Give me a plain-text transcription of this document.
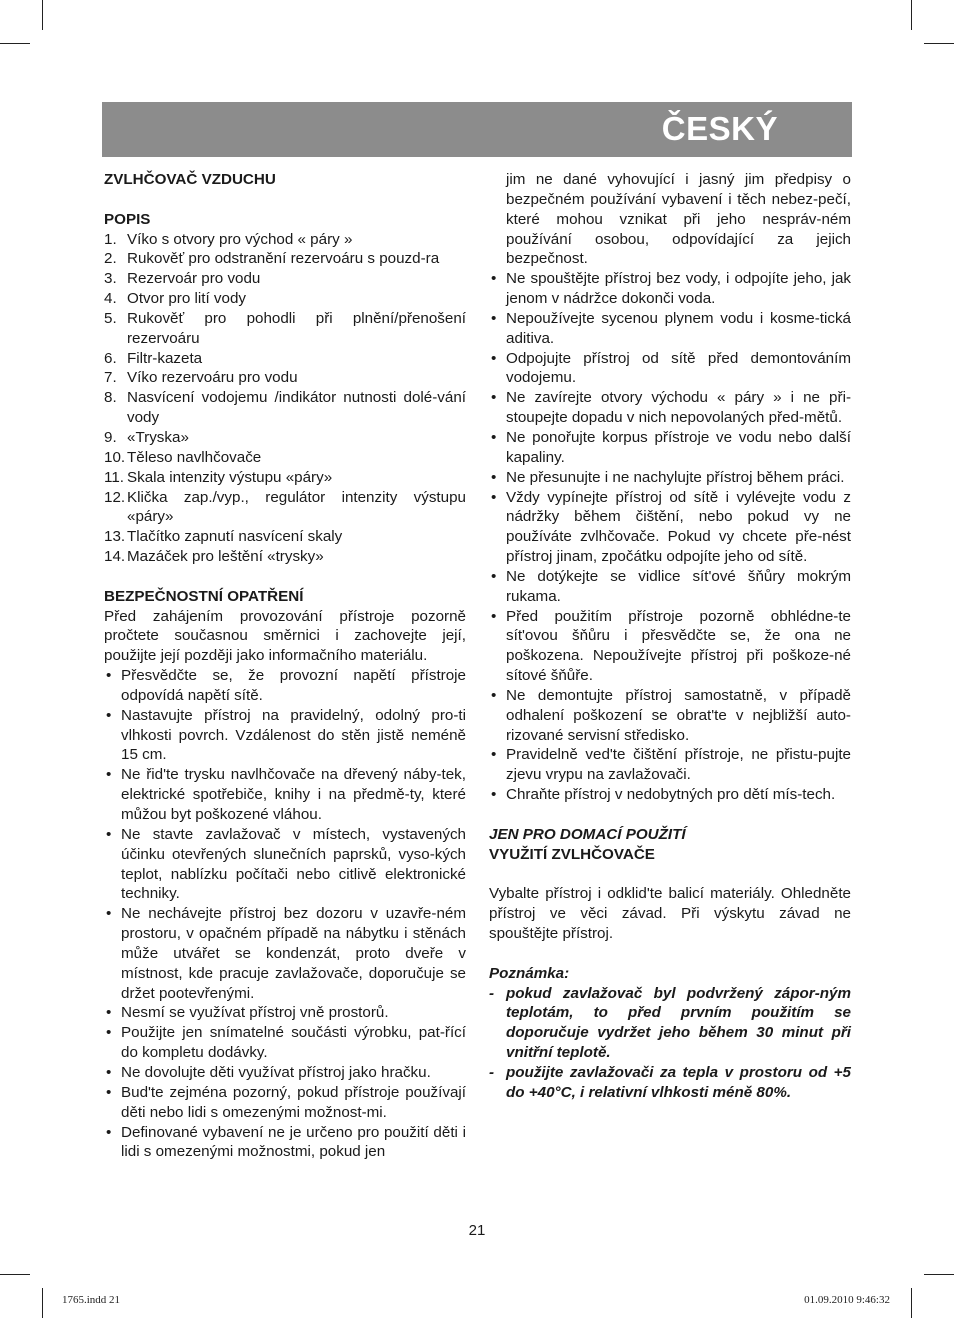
ČESKÝ

ZVLHČOVAČ VZDUCHU

POPIS

1. Víko s otvory pro východ « páry »
2. Rukověť pro odstranění rezervoáru s pouzd-ra
3. Rezervoár pro vodu
4. Otvor pro lití vody
5. Rukověť pro pohodli při plnění/přenošení rezervoáru
6. Filtr-kazeta
7. Víko rezervoáru pro vodu
8. Nasvícení vodojemu /indikátor nutnosti dolé-vání vody
9. «Tryska»
10. Těleso navlhčovače
11. Skala intenzity výstupu «páry»
12. Klička zap./vyp., regulátor intenzity výstupu «páry»
13. Tlačítko zapnutí nasvícení skaly
14. Mazáček pro leštění «trysky»

BEZPEČNOSTNÍ OPATŘENÍ

Před zahájením provozování přístroje pozorně pročtete současnou směrnici i zachovejte její, použijte její později jako informačního materiálu.

• Přesvědčte se, že provozní napětí přístroje odpovídá napětí sítě.
• Nastavujte přístroj na pravidelný, odolný pro-ti vlhkosti povrch. Vzdálenost do stěn jistě neméně 15 cm.
• Ne řid'te trysku navlhčovače na dřevený náby-tek, elektrické spotřebiče, knihy i na předmě-ty, které můžou byt poškozené vláhou.
• Ne stavte zavlažovač v místech, vystavených účinku otevřených slunečních paprsků, vyso-kých teplot, nablízku počítači nebo citlivě elektronické techniky.
• Ne nechávejte přístroj bez dozoru v uzavře-ném prostoru, v opačném případě na nábytku i stěnách může utvářet se kondenzát, proto dveře v místnost, kde pracuje zavlažovače, doporučuje se držet pootevřenými.
• Nesmí se využívat přístroj vně prostorů.
• Použijte jen snímatelné součásti výrobku, pat-řící do kompletu dodávky.
• Ne dovolujte děti využívat přístroj jako hračku.
• Bud'te zejména pozorný, pokud přístroje používají děti nebo lidi s omezenými možnost-mi.
• Definované vybavení ne je určeno pro použití děti i lidi s omezenými možnostmi, pokud jen

jim ne dané vyhovující i jasný jim předpisy o bezpečném používání vybavení i těch nebez-pečí, které mohou vznikat při jeho nespráv-ném používání osobou, odpovídající za jejich bezpečnost.

• Ne spouštějte přístroj bez vody, i odpojíte jeho, jak jenom v nádržce dokonči voda.
• Nepoužívejte sycenou plynem vodu i kosme-tická aditiva.
• Odpojujte přístroj od sítě před demontováním vodojemu.
• Ne zavírejte otvory východu « páry » i ne při-stoupejte dopadu v nich nepovolaných před-mětů.
• Ne ponořujte korpus přístroje ve vodu nebo další kapaliny.
• Ne přesunujte i ne nachylujte přístroj během práci.
• Vždy vypínejte přístroj od sítě i vylévejte vodu z nádržky během čištění, nebo pokud vy ne používáte zvlhčovače. Pokud vy chcete pře-nést přístroj jinam, zpočátku odpojíte jeho od sítě.
• Ne dotýkejte se vidlice sít'ové šňůry mokrým rukama.
• Před použitím přístroje pozorně obhlédne-te sít'ovou šňůru i přesvědčte se, že ona ne poškozena. Nepoužívejte přístroj při poškoze-né sítové šňůře.
• Ne demontujte přístroj samostatně, v případě odhalení poškození se obrat'te v nejbližší auto-rizované servisní středisko.
• Pravidelně ved'te čištění přístroje, ne přistu-pujte zjevu vrypu na zavlažovači.
• Chraňte přístroj v nedobytných pro dětí mís-tech.

JEN PRO DOMACÍ POUŽITÍ

VYUŽITÍ ZVLHČOVAČE

Vybalte přístroj i odklid'te balicí materiály. Ohledněte přístroj ve věci závad. Při výskytu závad ne spouštějte přístroj.

Poznámka:

- pokud zavlažovač byl podvržený zápor-ným teplotám, to před prvním použitím se doporučuje vydržet jeho během 30 minut při vnitřní teplotě.
- použijte zavlažovači za tepla v prostoru od +5 do +40°C, i relativní vlhkosti méně 80%.
21
1765.indd 21	01.09.2010 9:46:32
